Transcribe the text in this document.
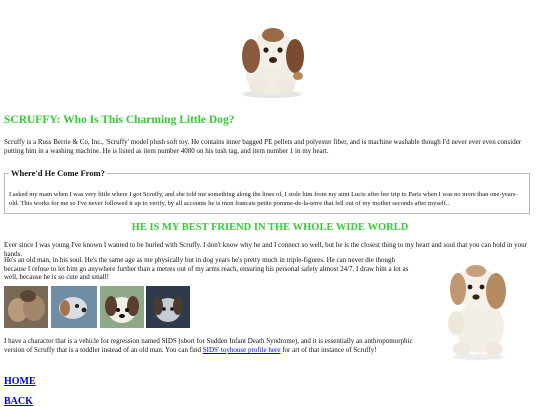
SCRUFFY: Who Is This Charming Little Dog?

Scruffy is a Russ Berrie & Co, Inc., 'Scruffy' model plush soft toy. He contains inner bagged PE pellets and polyester fiber, and is machine washable though I'd never ever even consider putting him in a washing machine. He is listed as item number 4080 on his tush tag, and item number 1 in my heart.

Where'd He Come From?

I asked my mam when I was very little where I got Scruffy, and she told me something along the lines of, I stole him from my aunt Lucie after her trip to Paris when I was no more than one-years-old. This works for me so I've never followed it up to verify, by all accounts he is mon francais petite pomme-de-la-terre that fell out of my mother seconds after myself..

HE IS MY BEST FRIEND IN THE WHOLE WIDE WORLD

Ever since I was young I've known I wanted to be buried with Scruffy. I don't know why he and I connect so well, but he is the closest thing to my heart and soul that you can hold in your hands.

He's an old man, in his soul. He's the same age as me physically but in dog years he's pretty much in triple-figures. He can never die though because I refuse to let him go anywhere further than a metres out of my arms reach, ensuring his personal safety almost 24/7. I draw him a lot as well, because he is so cute and small!

I have a character that is a vehicle for regression named SIDS (short for Sudden Infant Death Syndrome), and it is essentially an anthropomorphic version of Scruffy that is a toddler instead of an old man. You can find SIDS' toyhouse profile here for art of that instance of Scruffy!

HOME
BACK
